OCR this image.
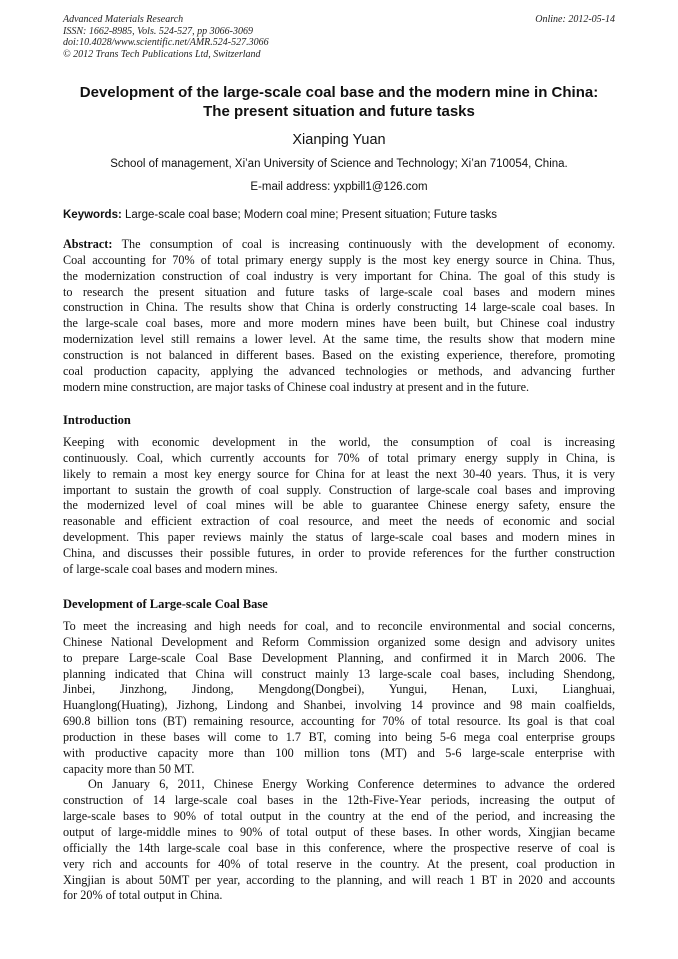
Advanced Materials Research
ISSN: 1662-8985, Vols. 524-527, pp 3066-3069
doi:10.4028/www.scientific.net/AMR.524-527.3066
© 2012 Trans Tech Publications Ltd, Switzerland
Online: 2012-05-14
Development of the large-scale coal base and the modern mine in China:
The present situation and future tasks
Xianping Yuan
School of management, Xi’an University of Science and Technology; Xi’an 710054, China.
E-mail address: yxpbill1@126.com
Keywords: Large-scale coal base; Modern coal mine; Present situation; Future tasks
Abstract: The consumption of coal is increasing continuously with the development of economy.
Coal accounting for 70% of total primary energy supply is the most key energy source in China. Thus,
the modernization construction of coal industry is very important for China. The goal of this study is
to research the present situation and future tasks of large-scale coal bases and modern mines
construction in China. The results show that China is orderly constructing 14 large-scale coal bases. In
the large-scale coal bases, more and more modern mines have been built, but Chinese coal industry
modernization level still remains a lower level. At the same time, the results show that modern mine
construction is not balanced in different bases. Based on the existing experience, therefore, promoting
coal production capacity, applying the advanced technologies or methods, and advancing further
modern mine construction, are major tasks of Chinese coal industry at present and in the future.
Introduction
Keeping with economic development in the world, the consumption of coal is increasing
continuously. Coal, which currently accounts for 70% of total primary energy supply in China, is
likely to remain a most key energy source for China for at least the next 30-40 years. Thus, it is very
important to sustain the growth of coal supply. Construction of large-scale coal bases and improving
the modernized level of coal mines will be able to guarantee Chinese energy safety, ensure the
reasonable and efficient extraction of coal resource, and meet the needs of economic and social
development. This paper reviews mainly the status of large-scale coal bases and modern mines in
China, and discusses their possible futures, in order to provide references for the further construction
of large-scale coal bases and modern mines.
Development of Large-scale Coal Base
To meet the increasing and high needs for coal, and to reconcile environmental and social concerns,
Chinese National Development and Reform Commission organized some design and advisory unites
to prepare Large-scale Coal Base Development Planning, and confirmed it in March 2006. The
planning indicated that China will construct mainly 13 large-scale coal bases, including Shendong,
Jinbei, Jinzhong, Jindong, Mengdong(Dongbei), Yungui, Henan, Luxi, Lianghuai,
Huanglong(Huating), Jizhong, Lindong and Shanbei, involving 14 province and 98 main coalfields,
690.8 billion tons (BT) remaining resource, accounting for 70% of total resource. Its goal is that coal
production in these bases will come to 1.7 BT, coming into being 5-6 mega coal enterprise groups
with productive capacity more than 100 million tons (MT) and 5-6 large-scale enterprise with
capacity more than 50 MT.
On January 6, 2011, Chinese Energy Working Conference determines to advance the ordered
construction of 14 large-scale coal bases in the 12th-Five-Year periods, increasing the output of
large-scale bases to 90% of total output in the country at the end of the period, and increasing the
output of large-middle mines to 90% of total output of these bases. In other words, Xingjian became
officially the 14th large-scale coal base in this conference, where the prospective reserve of coal is
very rich and accounts for 40% of total reserve in the country. At the present, coal production in
Xingjian is about 50MT per year, according to the planning, and will reach 1 BT in 2020 and accounts
for 20% of total output in China.
